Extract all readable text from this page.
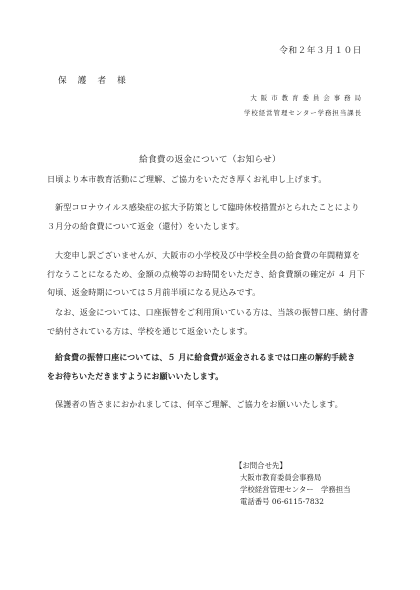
令和２年３月１０日
保 護 者 様
大 阪 市 教 育 委 員 会 事 務 局
学校経営管理センター学務担当課長
給食費の返金について（お知らせ）

日頃より本市教育活動にご理解、ご協力をいただき厚くお礼申し上げます。

新型コロナウイルス感染症の拡大予防策として臨時休校措置がとられたことにより
３月分の給食費について返金（還付）をいたします。

大変申し訳ございませんが、大阪市の小学校及び中学校全員の給食費の年間精算を
行なうことになるため、金額の点検等のお時間をいただき、給食費額の確定が ４ 月下
旬頃、返金時期については５月前半頃になる見込みです。

なお、返金については、口座振替をご利用頂いている方は、当該の振替口座、納付書
で納付されている方は、学校を通じて返金いたします。

給食費の振替口座については、５ 月に給食費が返金されるまでは口座の解約手続き
をお待ちいただきますようにお願いいたします。

保護者の皆さまにおかれましては、何卒ご理解、ご協力をお願いいたします。

【お問合せ先】
大阪市教育委員会事務局
学校経営管理センター　学務担当
電話番号 06-6115-7832
